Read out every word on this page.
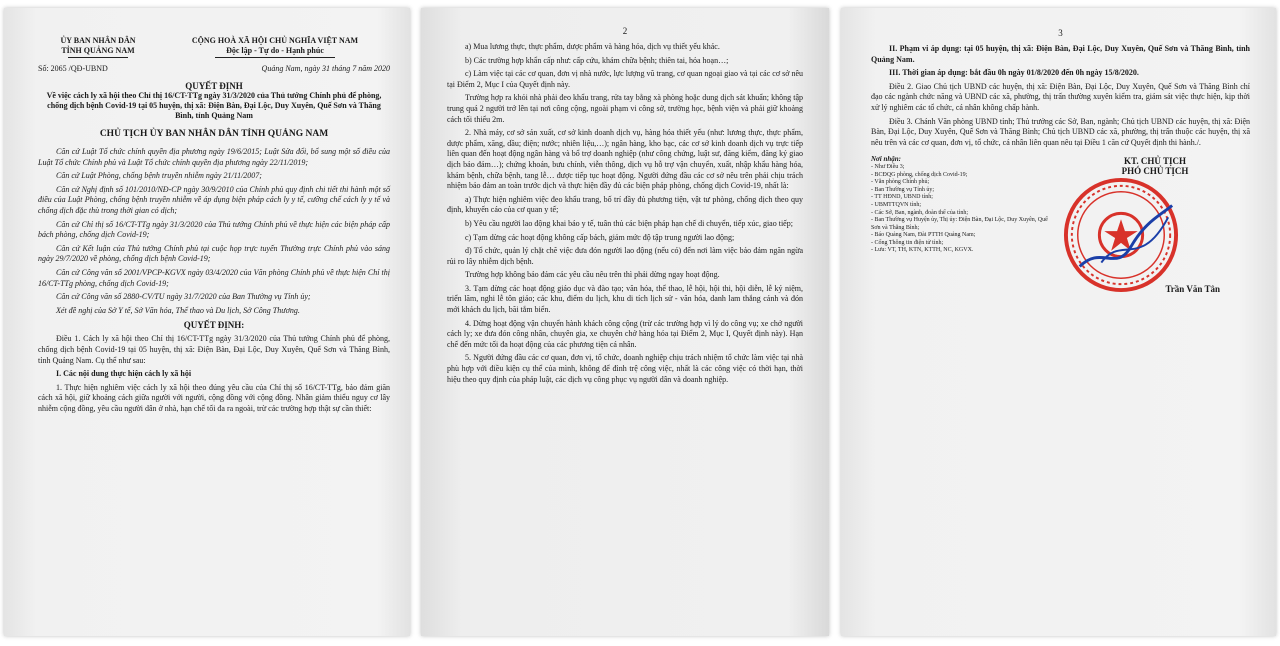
ỦY BAN NHÂN DÂN
TỈNH QUẢNG NAM
CỘNG HOÀ XÃ HỘI CHỦ NGHĨA VIỆT NAM
Độc lập - Tự do - Hạnh phúc
Số: 2065 /QĐ-UBND	Quảng Nam, ngày 31 tháng 7 năm 2020
QUYẾT ĐỊNH
Về việc cách ly xã hội theo Chỉ thị 16/CT-TTg ngày 31/3/2020 của Thủ tướng Chính phủ để phòng, chống dịch bệnh Covid-19 tại 05 huyện, thị xã: Điện Bàn, Đại Lộc, Duy Xuyên, Quế Sơn và Thăng Bình, tỉnh Quảng Nam
CHỦ TỊCH ỦY BAN NHÂN DÂN TỈNH QUẢNG NAM

Căn cứ Luật Tổ chức chính quyền địa phương ngày 19/6/2015; Luật Sửa đổi, bổ sung một số điều của Luật Tổ chức Chính phủ và Luật Tổ chức chính quyền địa phương ngày 22/11/2019;

Căn cứ Luật Phòng, chống bệnh truyền nhiễm ngày 21/11/2007;

Căn cứ Nghị định số 101/2010/NĐ-CP ngày 30/9/2010 của Chính phủ quy định chi tiết thi hành một số điều của Luật Phòng, chống bệnh truyền nhiễm về áp dụng biện pháp cách ly y tế, cưỡng chế cách ly y tế và chống dịch đặc thù trong thời gian có dịch;

Căn cứ Chỉ thị số 16/CT-TTg ngày 31/3/2020 của Thủ tướng Chính phủ về thực hiện các biện pháp cấp bách phòng, chống dịch Covid-19;

Căn cứ Kết luận của Thủ tướng Chính phủ tại cuộc họp trực tuyến Thường trực Chính phủ vào sáng ngày 29/7/2020 về phòng, chống dịch bệnh Covid-19;

Căn cứ Công văn số 2001/VPCP-KGVX ngày 03/4/2020 của Văn phòng Chính phủ về thực hiện Chỉ thị 16/CT-TTg phòng, chống dịch Covid-19;

Căn cứ Công văn số 2880-CV/TU ngày 31/7/2020 của Ban Thường vụ Tỉnh ủy;

Xét đề nghị của Sở Y tế, Sở Văn hóa, Thể thao và Du lịch, Sở Công Thương.

QUYẾT ĐỊNH:

Điều 1. Cách ly xã hội theo Chỉ thị 16/CT-TTg ngày 31/3/2020 của Thủ tướng Chính phủ để phòng, chống dịch bệnh Covid-19 tại 05 huyện, thị xã: Điện Bàn, Đại Lộc, Duy Xuyên, Quế Sơn và Thăng Bình, tỉnh Quảng Nam. Cụ thể như sau:

I. Các nội dung thực hiện cách ly xã hội

1. Thực hiện nghiêm việc cách ly xã hội theo đúng yêu cầu của Chỉ thị số 16/CT-TTg, bảo đảm giãn cách xã hội, giữ khoảng cách giữa người với người, cộng đồng với cộng đồng. Nhân giảm thiểu nguy cơ lây nhiễm cộng đồng, yêu cầu người dân ở nhà, hạn chế tối đa ra ngoài, trừ các trường hợp thật sự cần thiết:

2

a) Mua lương thực, thực phẩm, dược phẩm và hàng hóa, dịch vụ thiết yếu khác.

b) Các trường hợp khẩn cấp như: cấp cứu, khám chữa bệnh; thiên tai, hỏa hoạn…;

c) Làm việc tại các cơ quan, đơn vị nhà nước, lực lượng vũ trang, cơ quan ngoại giao và tại các cơ sở nêu tại Điểm 2, Mục I của Quyết định này.

Trường hợp ra khỏi nhà phải đeo khẩu trang, rửa tay bằng xà phòng hoặc dung dịch sát khuẩn; không tập trung quá 2 người trở lên tại nơi công cộng, ngoài phạm vi công sở, trường học, bệnh viện và phải giữ khoảng cách tối thiểu 2m.

2. Nhà máy, cơ sở sản xuất, cơ sở kinh doanh dịch vụ, hàng hóa thiết yếu (như: lương thực, thực phẩm, dược phẩm, xăng, dầu; điện; nước; nhiên liệu,…); ngân hàng, kho bạc, các cơ sở kinh doanh dịch vụ trực tiếp liên quan đến hoạt động ngân hàng và bổ trợ doanh nghiệp (như công chứng, luật sư, đăng kiểm, đăng ký giao dịch bảo đảm…); chứng khoán, bưu chính, viễn thông, dịch vụ hỗ trợ vận chuyển, xuất, nhập khẩu hàng hóa, khám bệnh, chữa bệnh, tang lễ… được tiếp tục hoạt động. Người đứng đầu các cơ sở nêu trên phải chịu trách nhiệm bảo đảm an toàn trước dịch và thực hiện đầy đủ các biện pháp phòng, chống dịch Covid-19, nhất là:

a) Thực hiện nghiêm việc đeo khẩu trang, bố trí đầy đủ phương tiện, vật tư phòng, chống dịch theo quy định, khuyến cáo của cơ quan y tế;

b) Yêu cầu người lao động khai báo y tế, tuân thủ các biện pháp hạn chế di chuyển, tiếp xúc, giao tiếp;

c) Tạm dừng các hoạt động không cấp bách, giảm mức độ tập trung người lao động;

d) Tổ chức, quản lý chặt chẽ việc đưa đón người lao động (nếu có) đến nơi làm việc bảo đảm ngăn ngừa rủi ro lây nhiễm dịch bệnh.

Trường hợp không bảo đảm các yêu cầu nêu trên thì phải dừng ngay hoạt động.

3. Tạm dừng các hoạt động giáo dục và đào tạo; văn hóa, thể thao, lễ hội, hội thi, hội diễn, lễ kỷ niệm, triển lãm, nghi lễ tôn giáo; các khu, điểm du lịch, khu di tích lịch sử - văn hóa, danh lam thắng cảnh và đón mới khách du lịch, bãi tắm biển.

4. Dừng hoạt động vận chuyển hành khách công cộng (trừ các trường hợp vì lý do công vụ; xe chở người cách ly; xe đưa đón công nhân, chuyên gia, xe chuyên chở hàng hóa tại Điểm 2, Mục I, Quyết định này). Hạn chế đến mức tối đa hoạt động của các phương tiện cá nhân.

5. Người đứng đầu các cơ quan, đơn vị, tổ chức, doanh nghiệp chịu trách nhiệm tổ chức làm việc tại nhà phù hợp với điều kiện cụ thể của mình, không để đình trệ công việc, nhất là các công việc có thời hạn, thời hiệu theo quy định của pháp luật, các dịch vụ công phục vụ người dân và doanh nghiệp.

3

II. Phạm vi áp dụng: tại 05 huyện, thị xã: Điện Bàn, Đại Lộc, Duy Xuyên, Quế Sơn và Thăng Bình, tỉnh Quảng Nam.

III. Thời gian áp dụng: bắt đầu 0h ngày 01/8/2020 đến 0h ngày 15/8/2020.

Điều 2. Giao Chủ tịch UBND các huyện, thị xã: Điện Bàn, Đại Lộc, Duy Xuyên, Quế Sơn và Thăng Bình chỉ đạo các ngành chức năng và UBND các xã, phường, thị trấn thường xuyên kiểm tra, giám sát việc thực hiện, kịp thời xử lý nghiêm các tổ chức, cá nhân không chấp hành.

Điều 3. Chánh Văn phòng UBND tỉnh; Thủ trưởng các Sở, Ban, ngành; Chủ tịch UBND các huyện, thị xã: Điện Bàn, Đại Lộc, Duy Xuyên, Quế Sơn và Thăng Bình; Chủ tịch UBND các xã, phường, thị trấn thuộc các huyện, thị xã nêu trên và các cơ quan, đơn vị, tổ chức, cá nhân liên quan nêu tại Điều 1 căn cứ Quyết định thi hành./.

Nơi nhận:
- Như Điều 3;
- BCĐQG phòng, chống dịch Covid-19;
- Văn phòng Chính phủ;
- Ban Thường vụ Tỉnh ủy;
- TT HĐND, UBND tỉnh;
- UBMTTQVN tỉnh;
- Các Sở, Ban, ngành, đoàn thể của tỉnh;
- Ban Thường vụ Huyện ủy, Thị ủy: Điện Bàn, Đại Lộc, Duy Xuyên, Quế Sơn và Thăng Bình;
- Báo Quảng Nam, Đài PTTH Quảng Nam;
- Cổng Thông tin điện tử tỉnh;
- Lưu: VT, TH, KTN, KTTH, NC, KGVX.
KT. CHỦ TỊCH
PHÓ CHỦ TỊCH
Trần Văn Tân
